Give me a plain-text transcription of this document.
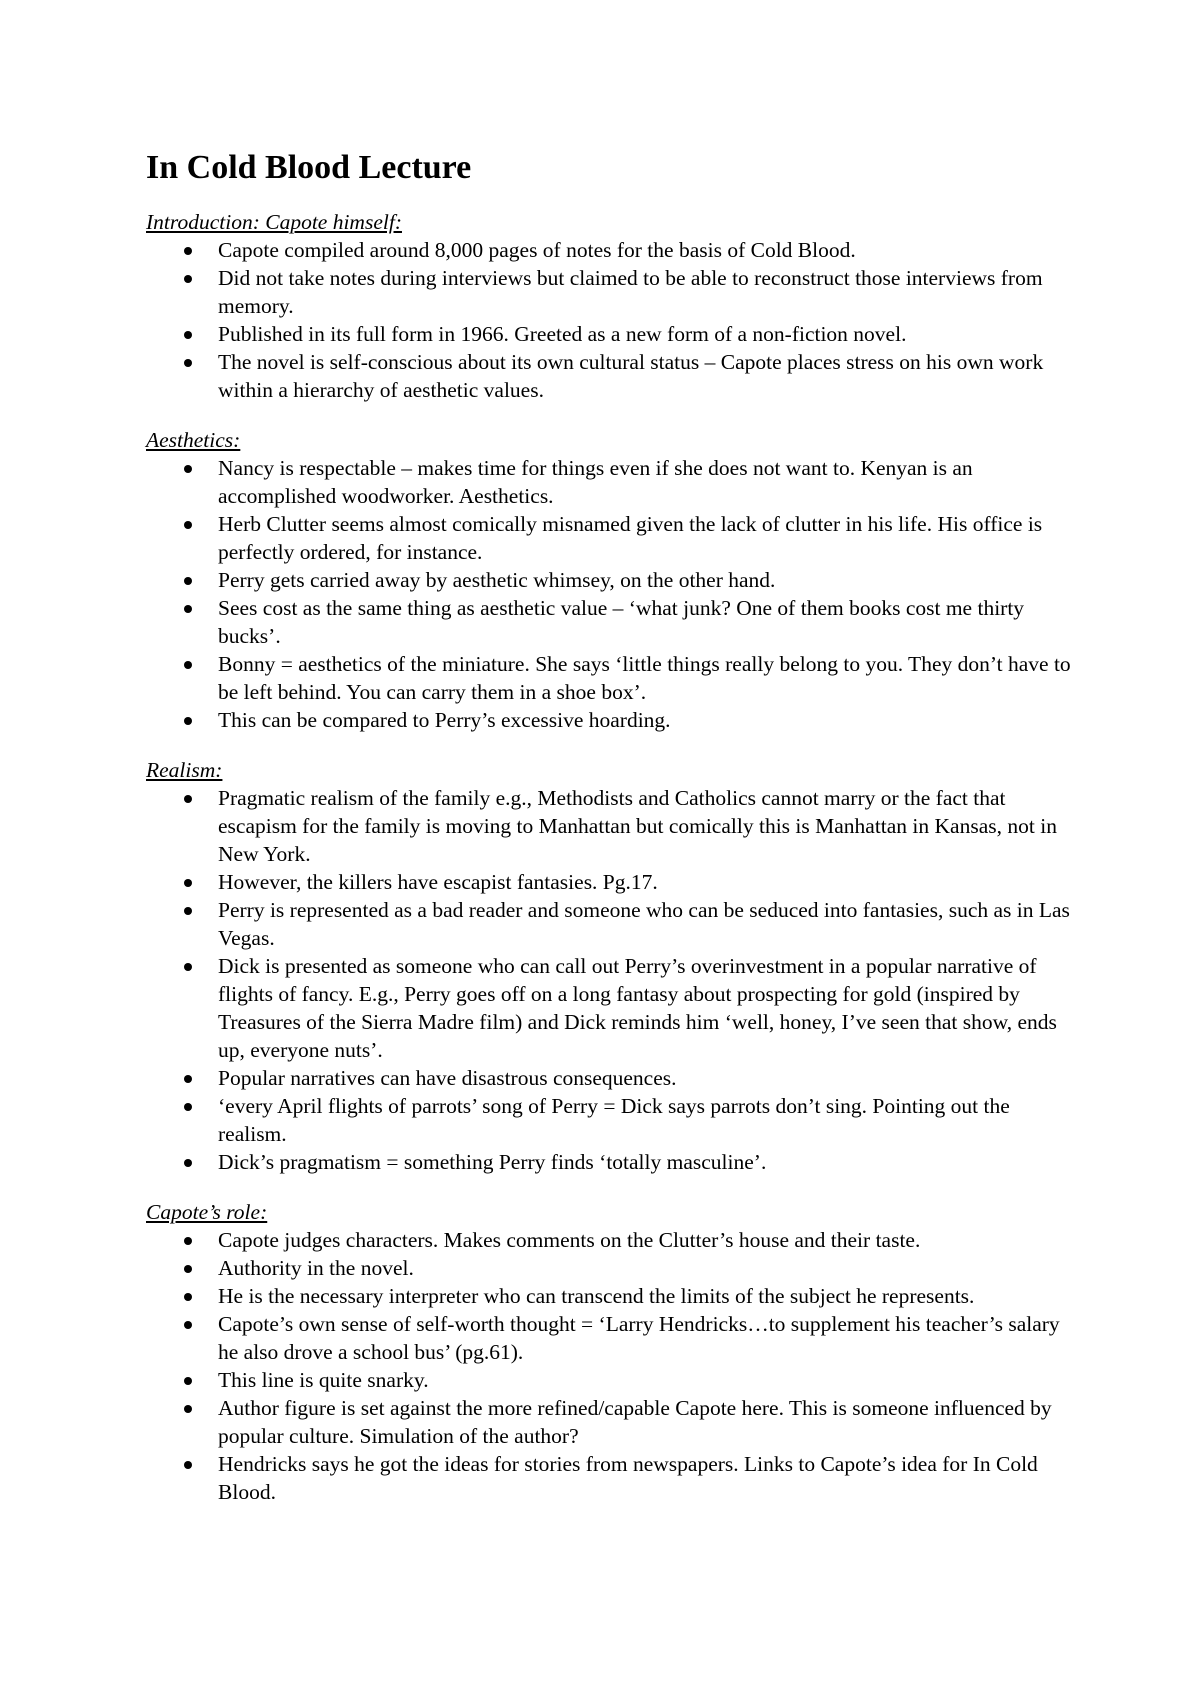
In Cold Blood Lecture
Introduction: Capote himself:
Capote compiled around 8,000 pages of notes for the basis of Cold Blood.
Did not take notes during interviews but claimed to be able to reconstruct those interviews from memory.
Published in its full form in 1966. Greeted as a new form of a non-fiction novel.
The novel is self-conscious about its own cultural status – Capote places stress on his own work within a hierarchy of aesthetic values.
Aesthetics:
Nancy is respectable – makes time for things even if she does not want to. Kenyan is an accomplished woodworker. Aesthetics.
Herb Clutter seems almost comically misnamed given the lack of clutter in his life. His office is perfectly ordered, for instance.
Perry gets carried away by aesthetic whimsey, on the other hand.
Sees cost as the same thing as aesthetic value – ‘what junk? One of them books cost me thirty bucks’.
Bonny = aesthetics of the miniature. She says ‘little things really belong to you. They don’t have to be left behind. You can carry them in a shoe box’.
This can be compared to Perry’s excessive hoarding.
Realism:
Pragmatic realism of the family e.g., Methodists and Catholics cannot marry or the fact that escapism for the family is moving to Manhattan but comically this is Manhattan in Kansas, not in New York.
However, the killers have escapist fantasies. Pg.17.
Perry is represented as a bad reader and someone who can be seduced into fantasies, such as in Las Vegas.
Dick is presented as someone who can call out Perry’s overinvestment in a popular narrative of flights of fancy. E.g., Perry goes off on a long fantasy about prospecting for gold (inspired by Treasures of the Sierra Madre film) and Dick reminds him ‘well, honey, I’ve seen that show, ends up, everyone nuts’.
Popular narratives can have disastrous consequences.
‘every April flights of parrots’ song of Perry = Dick says parrots don’t sing. Pointing out the realism.
Dick’s pragmatism = something Perry finds ‘totally masculine’.
Capote’s role:
Capote judges characters. Makes comments on the Clutter’s house and their taste.
Authority in the novel.
He is the necessary interpreter who can transcend the limits of the subject he represents.
Capote’s own sense of self-worth thought = ‘Larry Hendricks…to supplement his teacher’s salary he also drove a school bus’ (pg.61).
This line is quite snarky.
Author figure is set against the more refined/capable Capote here. This is someone influenced by popular culture. Simulation of the author?
Hendricks says he got the ideas for stories from newspapers. Links to Capote’s idea for In Cold Blood.
